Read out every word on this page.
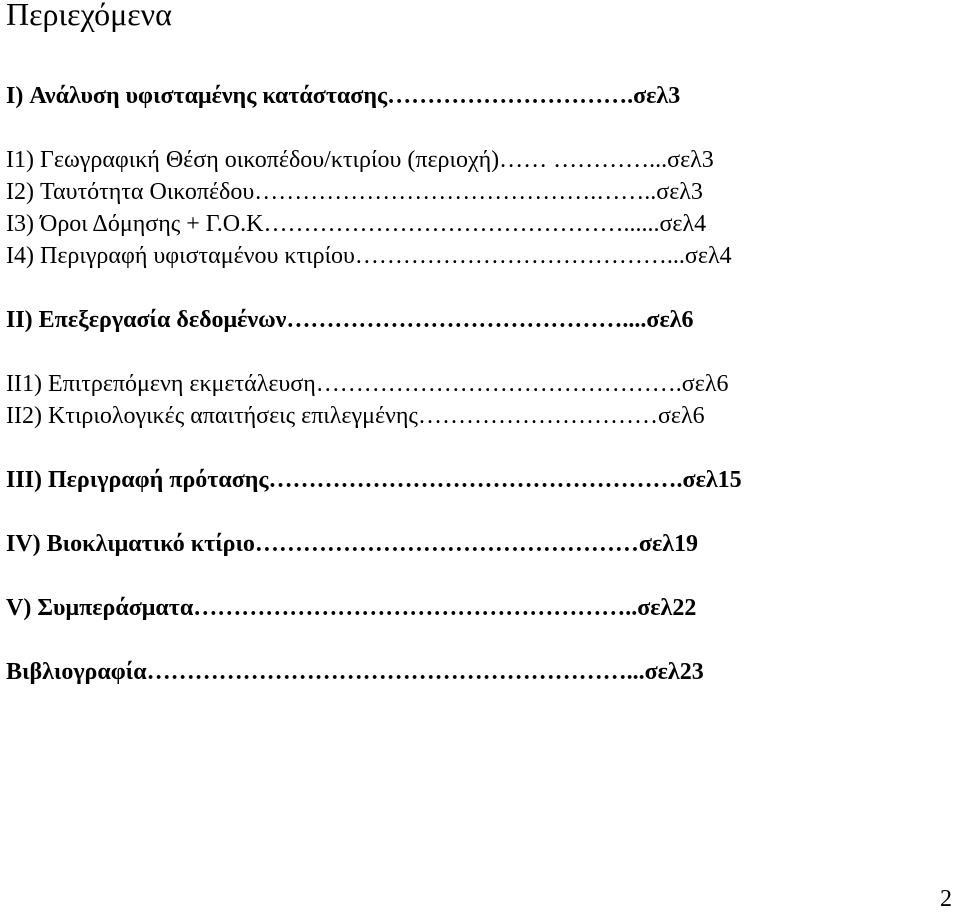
Περιεχόμενα
I) Ανάλυση υφισταμένης κατάστασης………………………….σελ3
I1) Γεωγραφική Θέση οικοπέδου/κτιρίου (περιοχή)…… …………...σελ3
I2) Ταυτότητα Οικοπέδου…………………………………….……..σελ3
I3) Όροι Δόμησης + Γ.Ο.Κ………………………………………......σελ4
I4) Περιγραφή υφισταμένου κτιρίου…………………………………...σελ4
II) Επεξεργασία δεδομένων……………………………………....σελ6
II1) Επιτρεπόμενη εκμετάλευση……………………………………….σελ6
II2) Κτιριολογικές απαιτήσεις επιλεγμένης…………………………σελ6
III) Περιγραφή πρότασης…………………………………………….σελ15
IV) Βιοκλιματικό κτίριο…………………………………………σελ19
V) Συμπεράσματα………………………………………………..σελ22
Βιβλιογραφία……………………………………………………...σελ23
2
